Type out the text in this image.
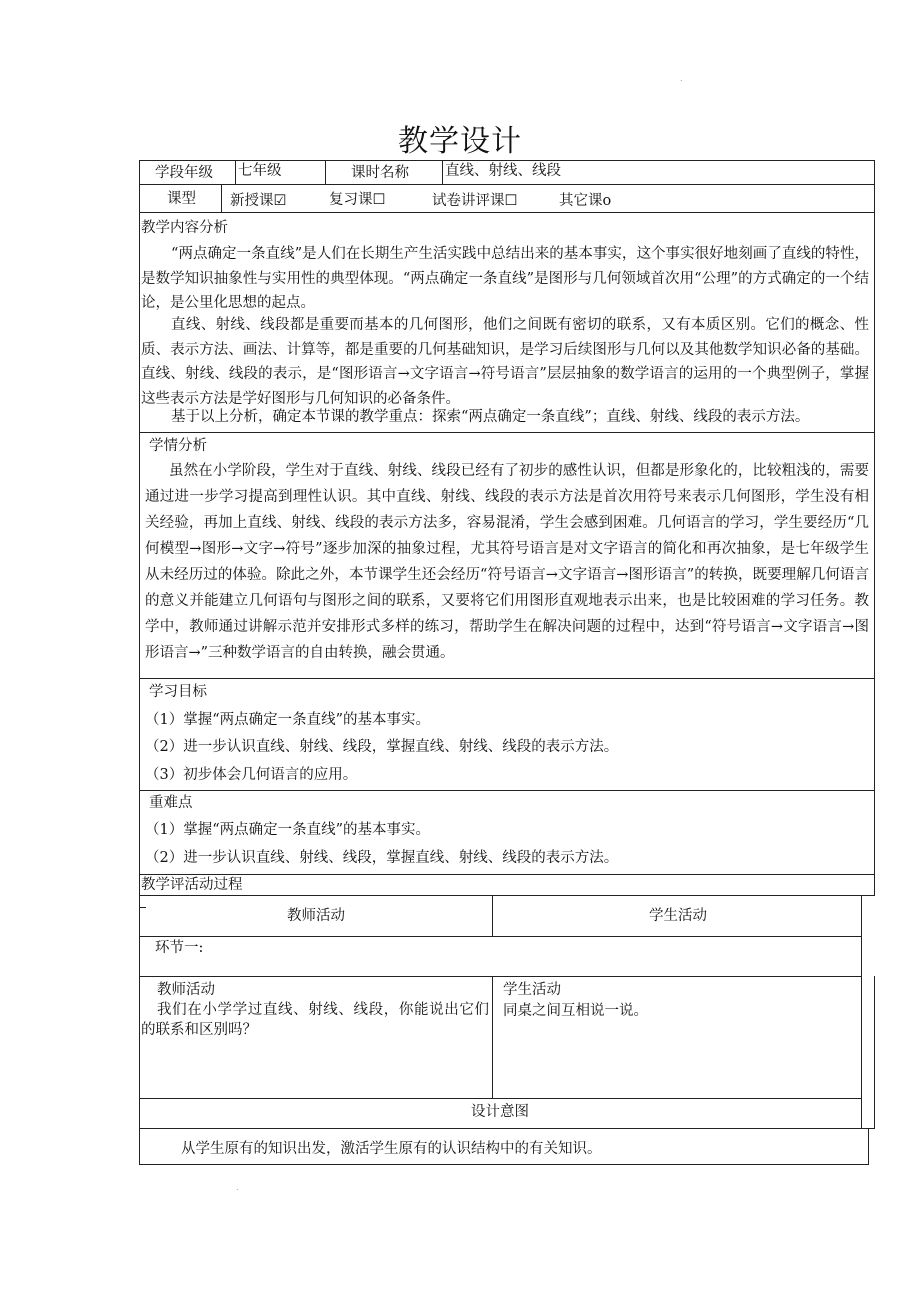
.
教学设计
学段年级 七年级	课时名称 直线、射线、线段
课型 新授课☑	复习课☐	试卷讲评课☐	其它课o
教学内容分析
“两点确定一条直线”是人们在长期生产生活实践中总结出来的基本事实，这个事实很好地刻画了直线的特性，是数学知识抽象性与实用性的典型体现。“两点确定一条直线”是图形与几何领域首次用“公理”的方式确定的一个结论，是公里化思想的起点。
直线、射线、线段都是重要而基本的几何图形，他们之间既有密切的联系，又有本质区别。它们的概念、性质、表示方法、画法、计算等，都是重要的几何基础知识，是学习后续图形与几何以及其他数学知识必备的基础。直线、射线、线段的表示，是“图形语言→文字语言→符号语言”层层抽象的数学语言的运用的一个典型例子，掌握这些表示方法是学好图形与几何知识的必备条件。
基于以上分析，确定本节课的教学重点：探索“两点确定一条直线”；直线、射线、线段的表示方法。
学情分析
虽然在小学阶段，学生对于直线、射线、线段已经有了初步的感性认识，但都是形象化的，比较粗浅的，需要通过进一步学习提高到理性认识。其中直线、射线、线段的表示方法是首次用符号来表示几何图形，学生没有相关经验，再加上直线、射线、线段的表示方法多，容易混淆，学生会感到困难。几何语言的学习，学生要经历“几何模型→图形→文字→符号”逐步加深的抽象过程，尤其符号语言是对文字语言的简化和再次抽象，是七年级学生从未经历过的体验。除此之外，本节课学生还会经历“符号语言→文字语言→图形语言”的转换，既要理解几何语言的意义并能建立几何语句与图形之间的联系，又要将它们用图形直观地表示出来，也是比较困难的学习任务。教学中，教师通过讲解示范并安排形式多样的练习，帮助学生在解决问题的过程中，达到“符号语言→文字语言→图形语言→”三种数学语言的自由转换，融会贯通。
学习目标
（1）掌握“两点确定一条直线”的基本事实。
（2）进一步认识直线、射线、线段，掌握直线、射线、线段的表示方法。
（3）初步体会几何语言的应用。
重难点
（1）掌握“两点确定一条直线”的基本事实。
（2）进一步认识直线、射线、线段，掌握直线、射线、线段的表示方法。
教学评活动过程
教师活动	学生活动
环节一:
教师活动
我们在小学学过直线、射线、线段，你能说出它们的联系和区别吗？
学生活动
同桌之间互相说一说。
设计意图
从学生原有的知识出发，激活学生原有的认识结构中的有关知识。
.
